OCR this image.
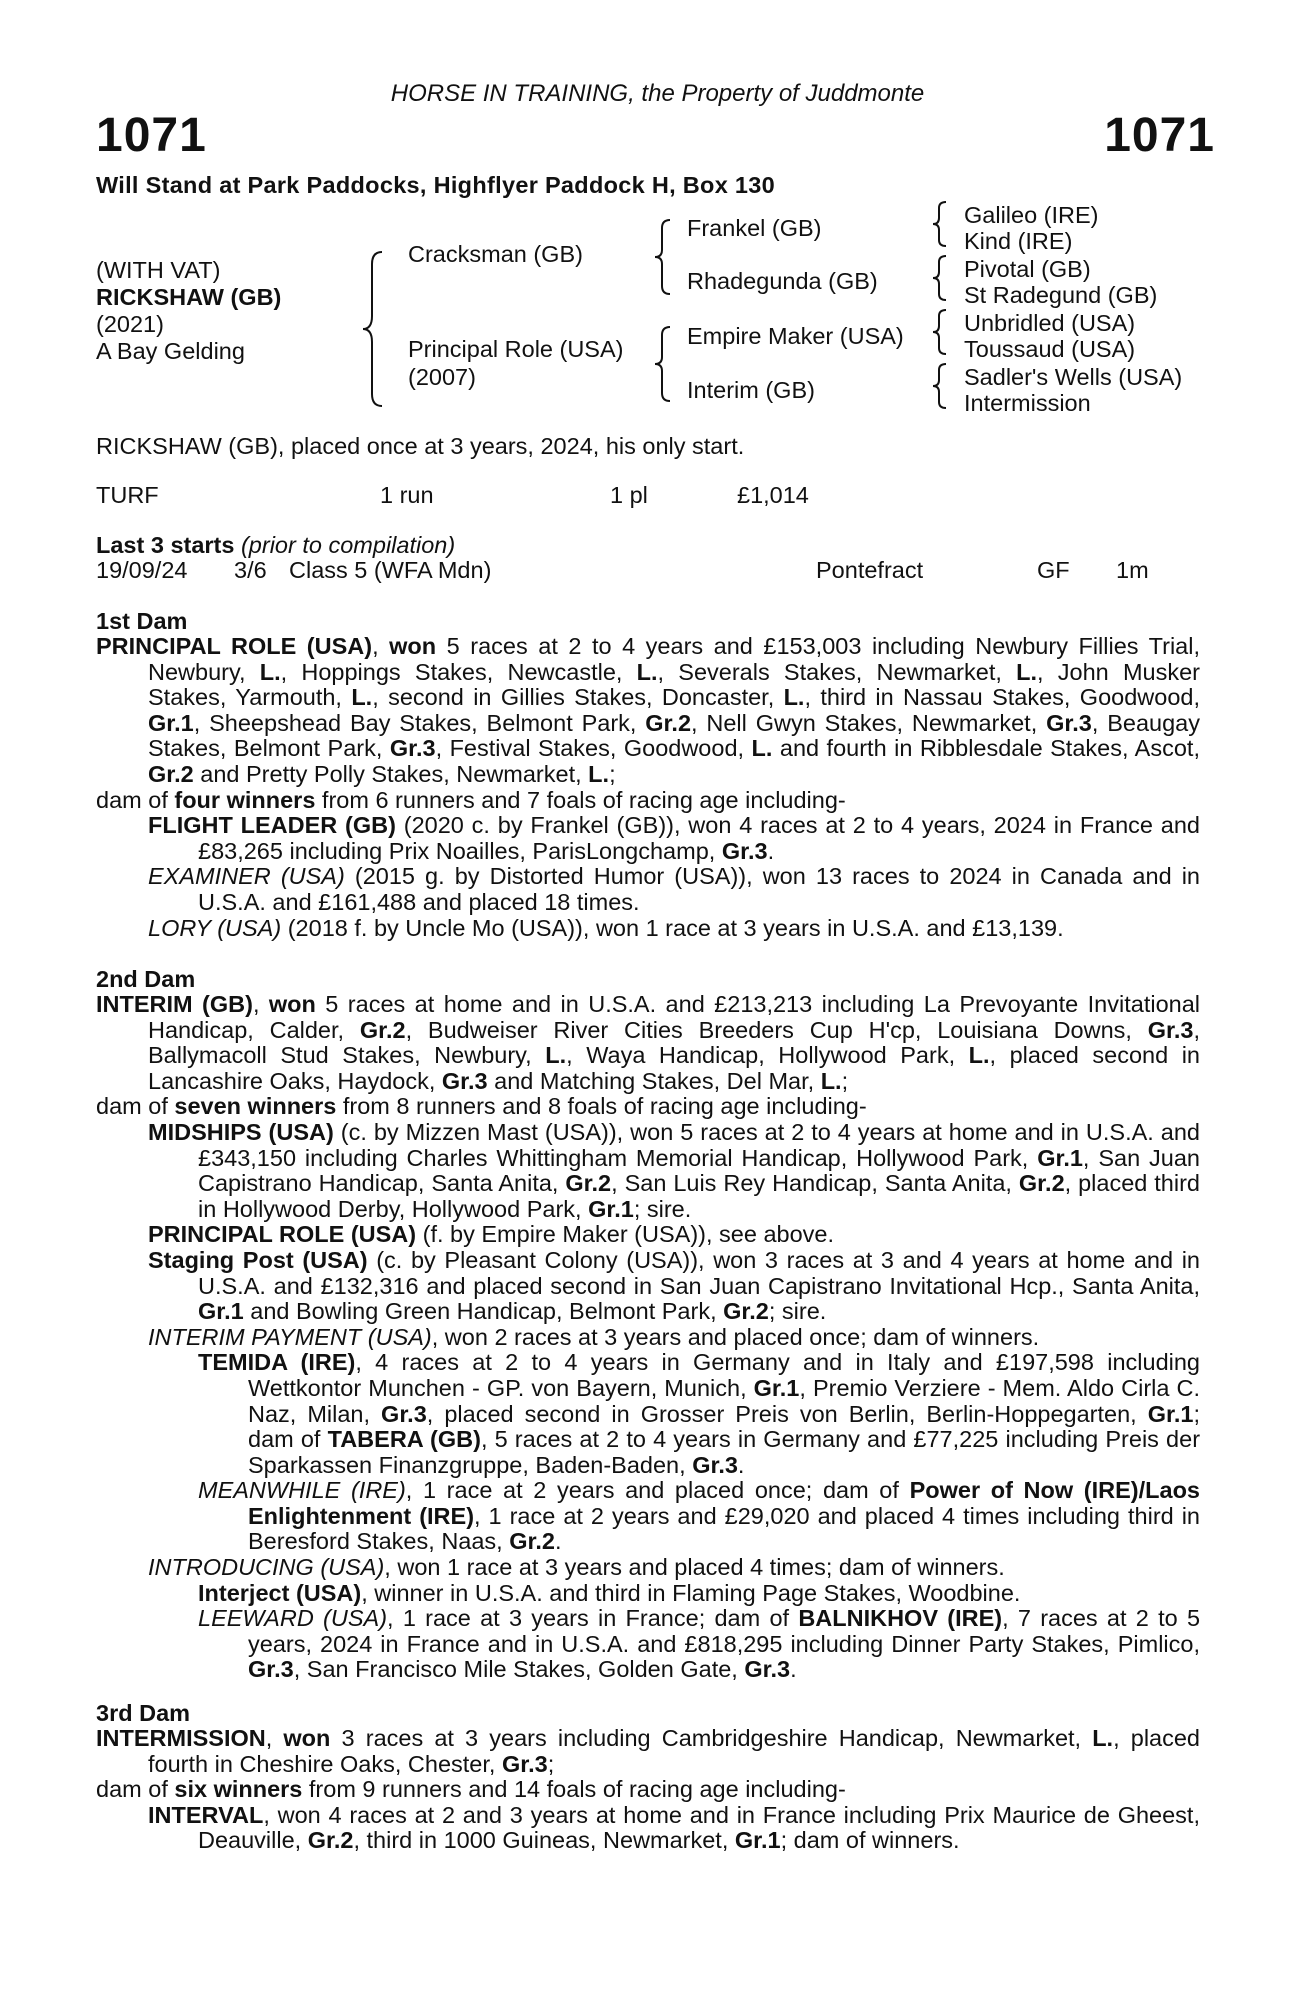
HORSE IN TRAINING, the Property of Juddmonte
1071	1071
Will Stand at Park Paddocks, Highflyer Paddock H, Box 130
(WITH VAT)
RICKSHAW (GB)
(2021)
A Bay Gelding
Cracksman (GB)
Principal Role (USA)
(2007)
Frankel (GB)
Rhadegunda (GB)
Empire Maker (USA)
Interim (GB)
Galileo (IRE)
Kind (IRE)
Pivotal (GB)
St Radegund (GB)
Unbridled (USA)
Toussaud (USA)
Sadler's Wells (USA)
Intermission
RICKSHAW (GB), placed once at 3 years, 2024, his only start.
TURF	1 run	1 pl	£1,014
Last 3 starts (prior to compilation)
19/09/24 3/6 Class 5 (WFA Mdn)	Pontefract	GF 1m
1st Dam
PRINCIPAL ROLE (USA), won 5 races at 2 to 4 years and £153,003 including Newbury Fillies Trial, Newbury, L., Hoppings Stakes, Newcastle, L., Severals Stakes, Newmarket, L., John Musker Stakes, Yarmouth, L., second in Gillies Stakes, Doncaster, L., third in Nassau Stakes, Goodwood, Gr.1, Sheepshead Bay Stakes, Belmont Park, Gr.2, Nell Gwyn Stakes, Newmarket, Gr.3, Beaugay Stakes, Belmont Park, Gr.3, Festival Stakes, Goodwood, L. and fourth in Ribblesdale Stakes, Ascot, Gr.2 and Pretty Polly Stakes, Newmarket, L.;
dam of four winners from 6 runners and 7 foals of racing age including-
FLIGHT LEADER (GB) (2020 c. by Frankel (GB)), won 4 races at 2 to 4 years, 2024 in France and £83,265 including Prix Noailles, ParisLongchamp, Gr.3.
EXAMINER (USA) (2015 g. by Distorted Humor (USA)), won 13 races to 2024 in Canada and in U.S.A. and £161,488 and placed 18 times.
LORY (USA) (2018 f. by Uncle Mo (USA)), won 1 race at 3 years in U.S.A. and £13,139.
2nd Dam
INTERIM (GB), won 5 races at home and in U.S.A. and £213,213 including La Prevoyante Invitational Handicap, Calder, Gr.2, Budweiser River Cities Breeders Cup H'cp, Louisiana Downs, Gr.3, Ballymacoll Stud Stakes, Newbury, L., Waya Handicap, Hollywood Park, L., placed second in Lancashire Oaks, Haydock, Gr.3 and Matching Stakes, Del Mar, L.;
dam of seven winners from 8 runners and 8 foals of racing age including-
MIDSHIPS (USA) (c. by Mizzen Mast (USA)), won 5 races at 2 to 4 years at home and in U.S.A. and £343,150 including Charles Whittingham Memorial Handicap, Hollywood Park, Gr.1, San Juan Capistrano Handicap, Santa Anita, Gr.2, San Luis Rey Handicap, Santa Anita, Gr.2, placed third in Hollywood Derby, Hollywood Park, Gr.1; sire.
PRINCIPAL ROLE (USA) (f. by Empire Maker (USA)), see above.
Staging Post (USA) (c. by Pleasant Colony (USA)), won 3 races at 3 and 4 years at home and in U.S.A. and £132,316 and placed second in San Juan Capistrano Invitational Hcp., Santa Anita, Gr.1 and Bowling Green Handicap, Belmont Park, Gr.2; sire.
INTERIM PAYMENT (USA), won 2 races at 3 years and placed once; dam of winners.
TEMIDA (IRE), 4 races at 2 to 4 years in Germany and in Italy and £197,598 including Wettkontor Munchen - GP. von Bayern, Munich, Gr.1, Premio Verziere - Mem. Aldo Cirla C. Naz, Milan, Gr.3, placed second in Grosser Preis von Berlin, Berlin-Hoppegarten, Gr.1; dam of TABERA (GB), 5 races at 2 to 4 years in Germany and £77,225 including Preis der Sparkassen Finanzgruppe, Baden-Baden, Gr.3.
MEANWHILE (IRE), 1 race at 2 years and placed once; dam of Power of Now (IRE)/Laos Enlightenment (IRE), 1 race at 2 years and £29,020 and placed 4 times including third in Beresford Stakes, Naas, Gr.2.
INTRODUCING (USA), won 1 race at 3 years and placed 4 times; dam of winners.
Interject (USA), winner in U.S.A. and third in Flaming Page Stakes, Woodbine.
LEEWARD (USA), 1 race at 3 years in France; dam of BALNIKHOV (IRE), 7 races at 2 to 5 years, 2024 in France and in U.S.A. and £818,295 including Dinner Party Stakes, Pimlico, Gr.3, San Francisco Mile Stakes, Golden Gate, Gr.3.
3rd Dam
INTERMISSION, won 3 races at 3 years including Cambridgeshire Handicap, Newmarket, L., placed fourth in Cheshire Oaks, Chester, Gr.3;
dam of six winners from 9 runners and 14 foals of racing age including-
INTERVAL, won 4 races at 2 and 3 years at home and in France including Prix Maurice de Gheest, Deauville, Gr.2, third in 1000 Guineas, Newmarket, Gr.1; dam of winners.
